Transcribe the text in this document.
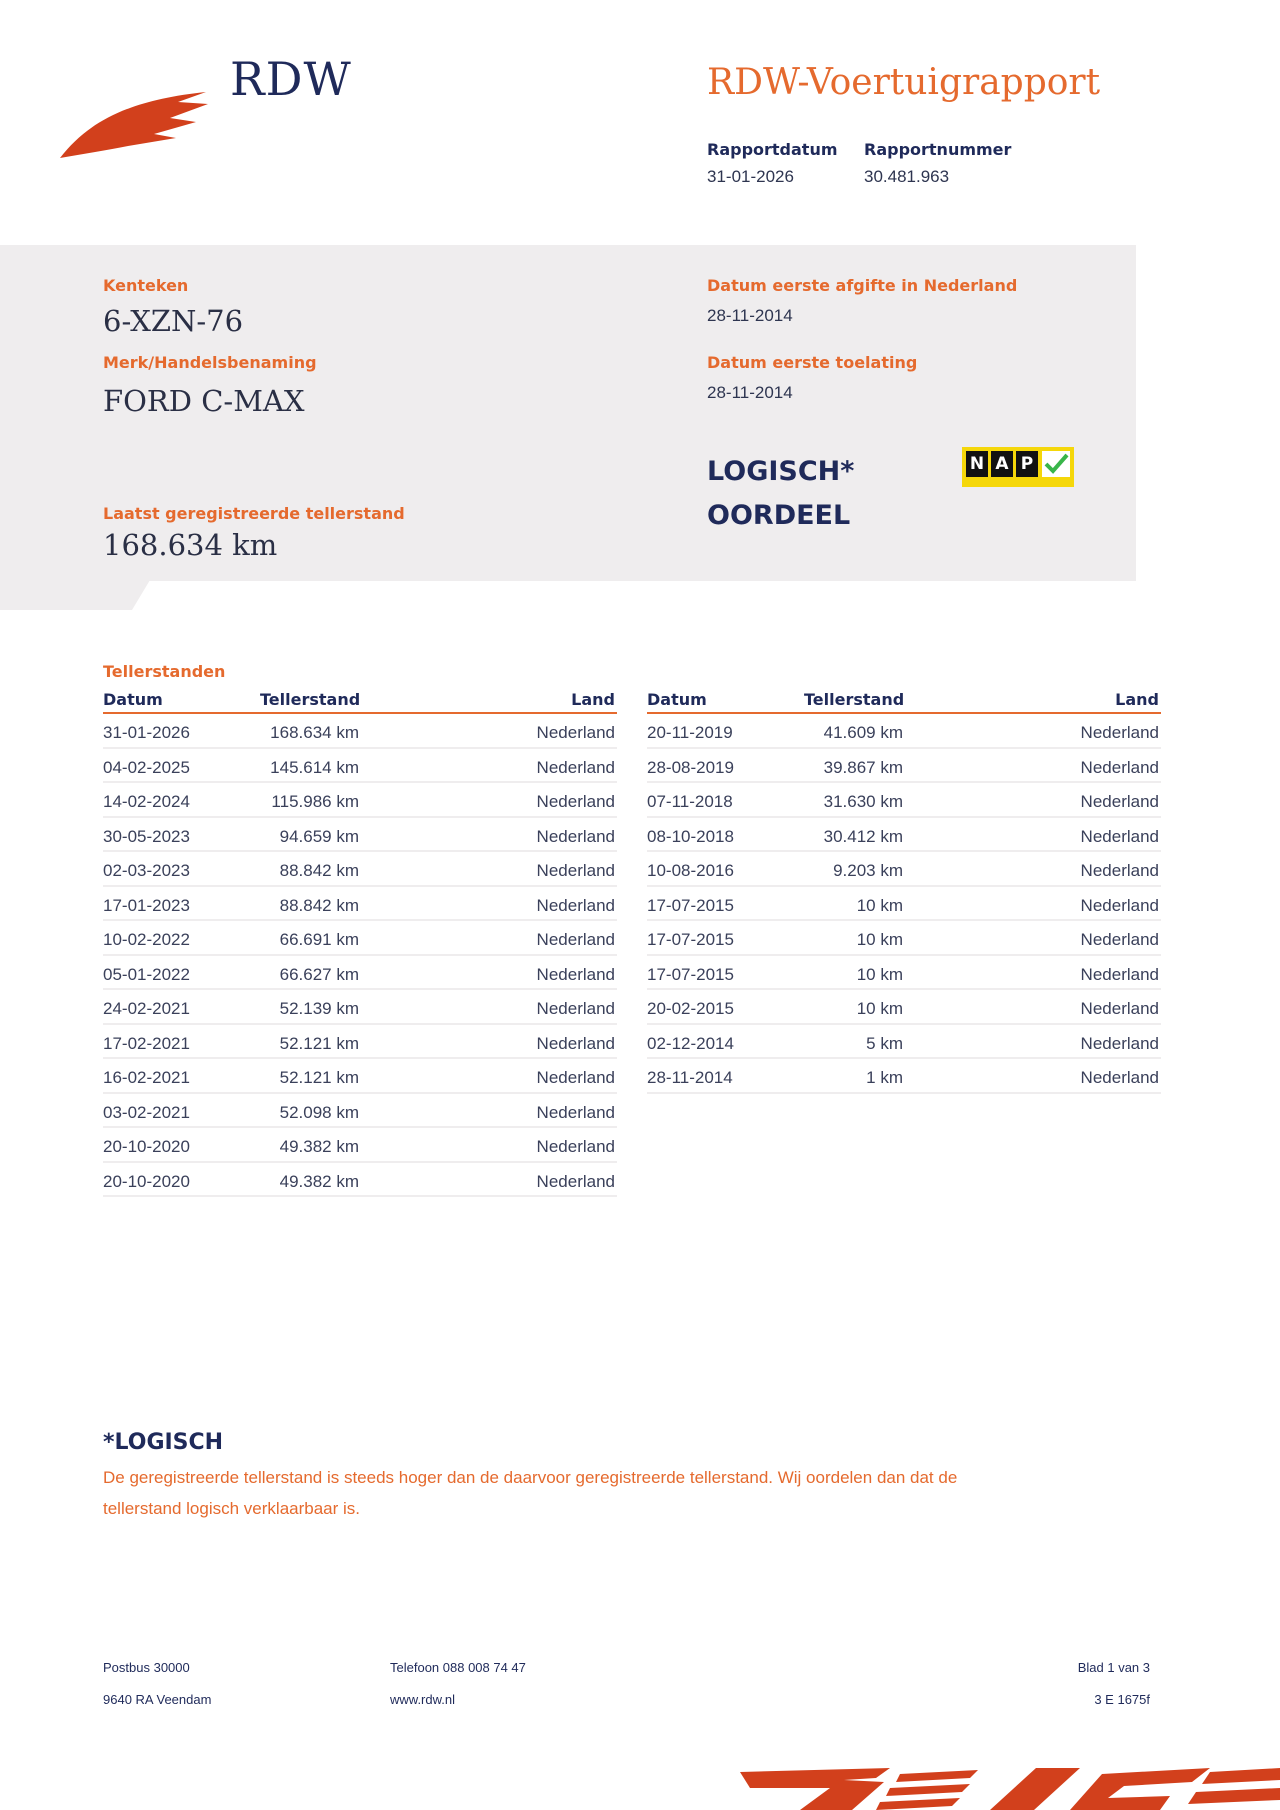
RDW	RDW-Voertuigrapport
Rapportdatum
31-01-2026
Rapportnummer
30.481.963
Kenteken
6-XZN-76
Merk/Handelsbenaming
FORD C-MAX
Laatst geregistreerde tellerstand
168.634 km
Datum eerste afgifte in Nederland
28-11-2014
Datum eerste toelating
28-11-2014
LOGISCH*
OORDEEL
N A P
Tellerstanden
Datum	Tellerstand	Land
31-01-2026	168.634 km	Nederland
04-02-2025	145.614 km	Nederland
14-02-2024	115.986 km	Nederland
30-05-2023	94.659 km	Nederland
02-03-2023	88.842 km	Nederland
17-01-2023	88.842 km	Nederland
10-02-2022	66.691 km	Nederland
05-01-2022	66.627 km	Nederland
24-02-2021	52.139 km	Nederland
17-02-2021	52.121 km	Nederland
16-02-2021	52.121 km	Nederland
03-02-2021	52.098 km	Nederland
20-10-2020	49.382 km	Nederland
20-10-2020	49.382 km	Nederland
Datum	Tellerstand	Land
20-11-2019	41.609 km	Nederland
28-08-2019	39.867 km	Nederland
07-11-2018	31.630 km	Nederland
08-10-2018	30.412 km	Nederland
10-08-2016	9.203 km	Nederland
17-07-2015	10 km	Nederland
17-07-2015	10 km	Nederland
17-07-2015	10 km	Nederland
20-02-2015	10 km	Nederland
02-12-2014	5 km	Nederland
28-11-2014	1 km	Nederland
*LOGISCH
De geregistreerde tellerstand is steeds hoger dan de daarvoor geregistreerde tellerstand. Wij oordelen dan dat de
tellerstand logisch verklaarbaar is.
Postbus 30000
9640 RA Veendam
Telefoon 088 008 74 47
www.rdw.nl
Blad 1 van 3
3 E 1675f
